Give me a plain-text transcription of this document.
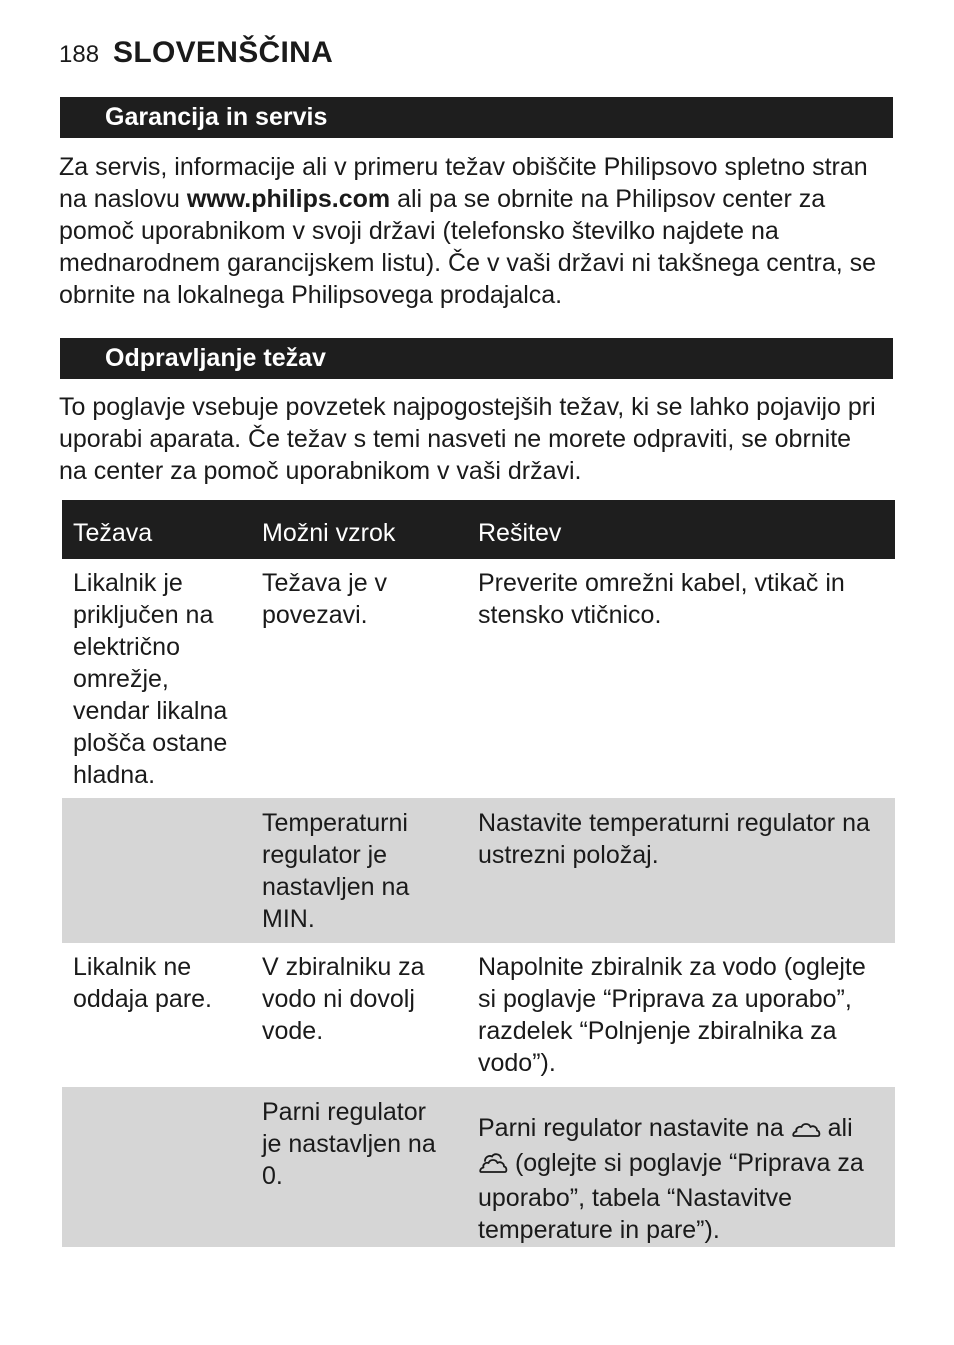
188 SLOVENŠČINA
Garancija in servis
Za servis, informacije ali v primeru težav obiščite Philipsovo spletno stran
na naslovu www.philips.com ali pa se obrnite na Philipsov center za
pomoč uporabnikom v svoji državi (telefonsko številko najdete na
mednarodnem garancijskem listu). Če v vaši državi ni takšnega centra, se
obrnite na lokalnega Philipsovega prodajalca.
Odpravljanje težav
To poglavje vsebuje povzetek najpogostejših težav, ki se lahko pojavijo pri
uporabi aparata. Če težav s temi nasveti ne morete odpraviti, se obrnite
na center za pomoč uporabnikom v vaši državi.
Težava	Možni vzrok	Rešitev
Likalnik je
priključen na
električno
omrežje,
vendar likalna
plošča ostane
hladna.
Težava je v
povezavi.
Preverite omrežni kabel, vtikač in
stensko vtičnico.
Temperaturni
regulator je
nastavljen na
MIN.
Nastavite temperaturni regulator na
ustrezni položaj.
Likalnik ne
oddaja pare.
V zbiralniku za
vodo ni dovolj
vode.
Napolnite zbiralnik za vodo (oglejte
si poglavje “Priprava za uporabo”,
razdelek “Polnjenje zbiralnika za
vodo”).
Parni regulator
je nastavljen na
0.
Parni regulator nastavite na  ali
(oglejte si poglavje “Priprava za
uporabo”, tabela “Nastavitve
temperature in pare”).
